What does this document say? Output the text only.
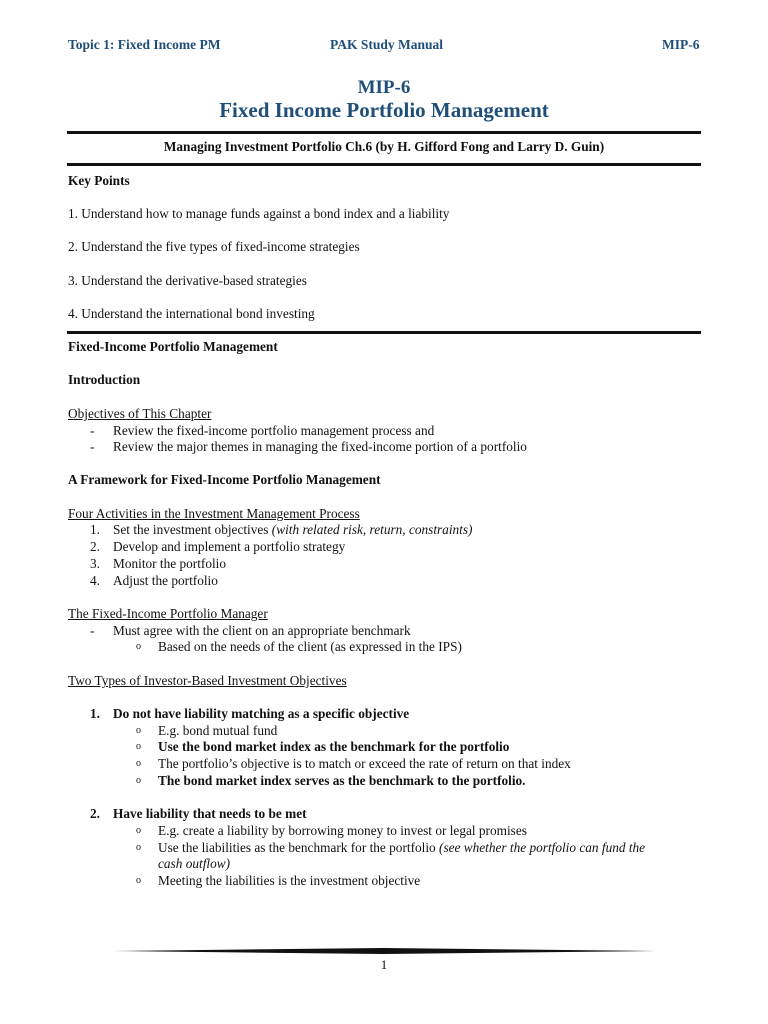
Topic 1: Fixed Income PM	PAK Study Manual	MIP-6
MIP-6
Fixed Income Portfolio Management
Managing Investment Portfolio Ch.6 (by H. Gifford Fong and Larry D. Guin)
Key Points
1. Understand how to manage funds against a bond index and a liability
2. Understand the five types of fixed-income strategies
3. Understand the derivative-based strategies
4. Understand the international bond investing
Fixed-Income Portfolio Management
Introduction
Objectives of This Chapter
- Review the fixed-income portfolio management process and
- Review the major themes in managing the fixed-income portion of a portfolio
A Framework for Fixed-Income Portfolio Management
Four Activities in the Investment Management Process
1. Set the investment objectives (with related risk, return, constraints)
2. Develop and implement a portfolio strategy
3. Monitor the portfolio
4. Adjust the portfolio
The Fixed-Income Portfolio Manager
- Must agree with the client on an appropriate benchmark
o Based on the needs of the client (as expressed in the IPS)
Two Types of Investor-Based Investment Objectives
1. Do not have liability matching as a specific objective
o E.g. bond mutual fund
o Use the bond market index as the benchmark for the portfolio
o The portfolio’s objective is to match or exceed the rate of return on that index
o The bond market index serves as the benchmark to the portfolio.
2. Have liability that needs to be met
o E.g. create a liability by borrowing money to invest or legal promises
o Use the liabilities as the benchmark for the portfolio (see whether the portfolio can fund the
cash outflow)
o Meeting the liabilities is the investment objective
1
